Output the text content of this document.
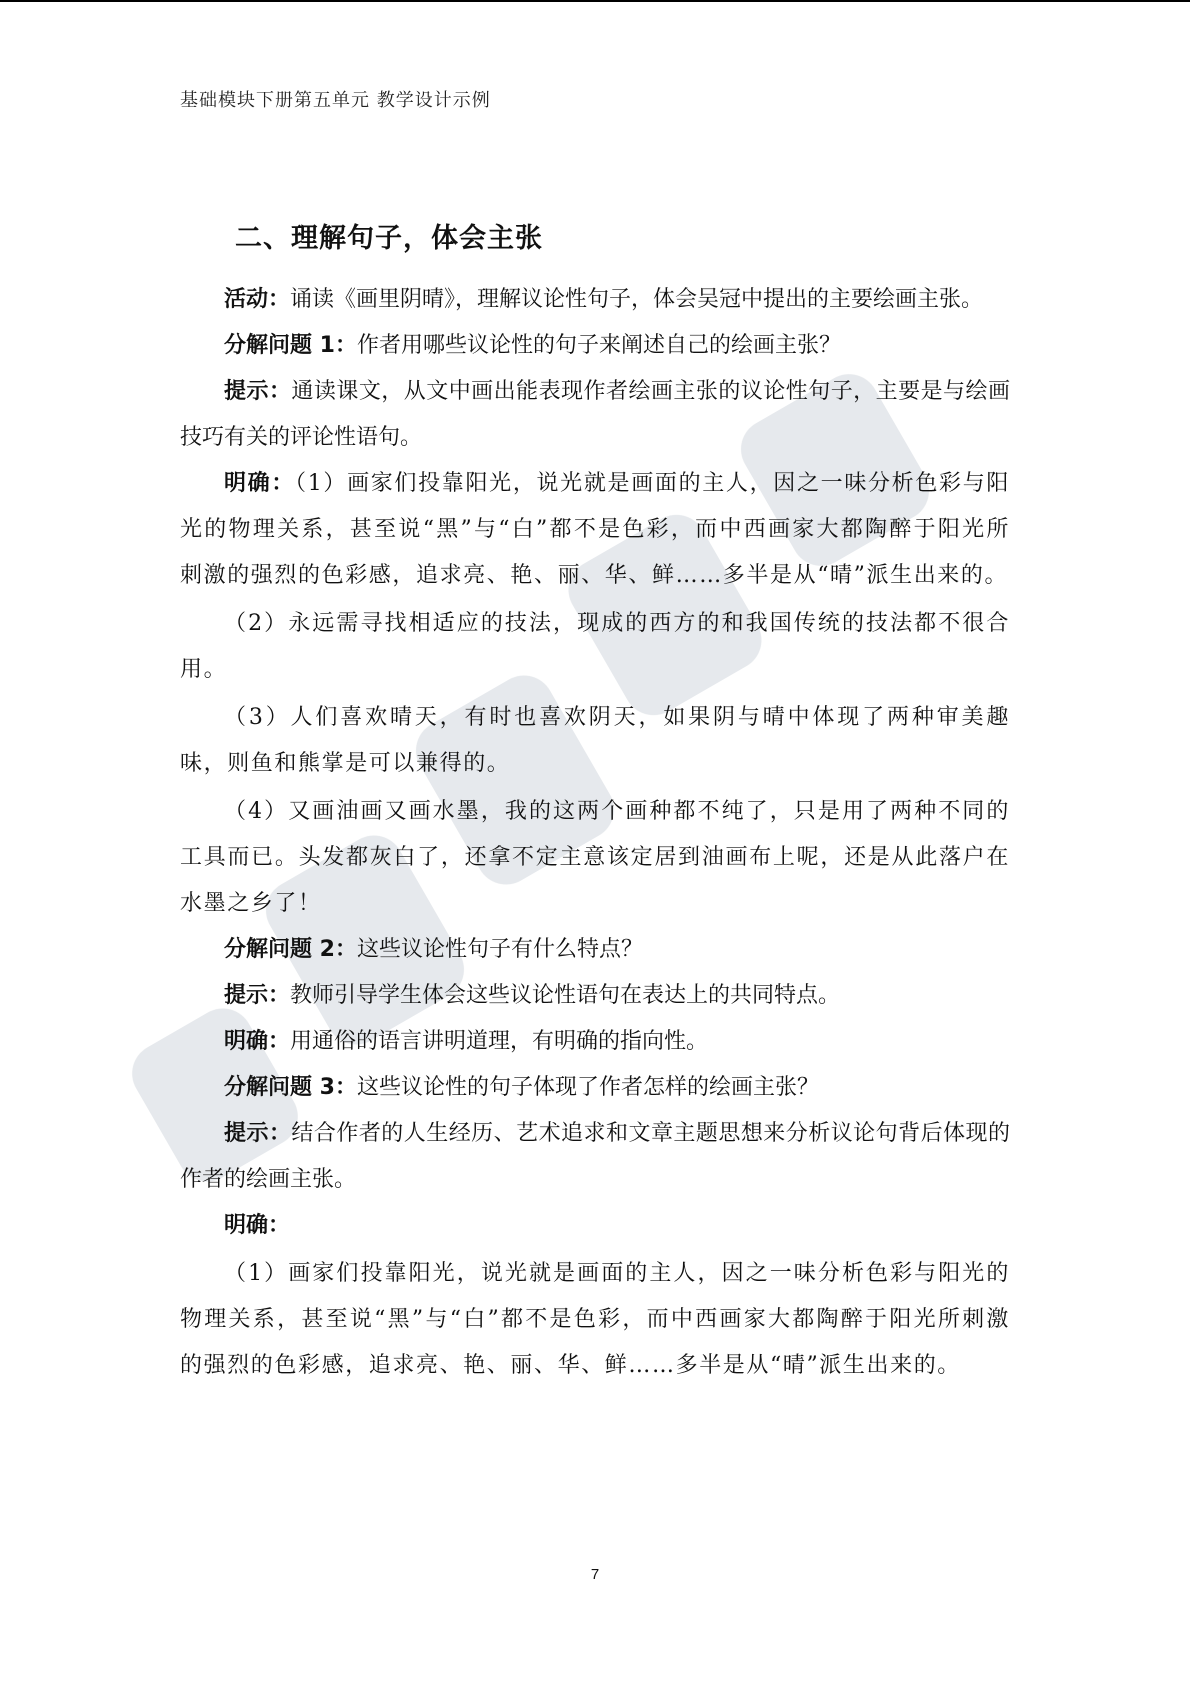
基础模块下册第五单元 教学设计示例
二、理解句子，体会主张

活动：诵读《画里阴晴》，理解议论性句子，体会吴冠中提出的主要绘画主张。

分解问题 1：作者用哪些议论性的句子来阐述自己的绘画主张？

提示：通读课文，从文中画出能表现作者绘画主张的议论性句子，主要是与绘画技巧有关的评论性语句。

明确：（1）画家们投靠阳光，说光就是画面的主人，因之一味分析色彩与阳光的物理关系，甚至说“黑”与“白”都不是色彩，而中西画家大都陶醉于阳光所刺激的强烈的色彩感，追求亮、艳、丽、华、鲜……多半是从“晴”派生出来的。

（2）永远需寻找相适应的技法，现成的西方的和我国传统的技法都不很合用。

（3）人们喜欢晴天，有时也喜欢阴天，如果阴与晴中体现了两种审美趣味，则鱼和熊掌是可以兼得的。

（4）又画油画又画水墨，我的这两个画种都不纯了，只是用了两种不同的工具而已。头发都灰白了，还拿不定主意该定居到油画布上呢，还是从此落户在水墨之乡了！

分解问题 2：这些议论性句子有什么特点？

提示：教师引导学生体会这些议论性语句在表达上的共同特点。

明确：用通俗的语言讲明道理，有明确的指向性。

分解问题 3：这些议论性的句子体现了作者怎样的绘画主张？

提示：结合作者的人生经历、艺术追求和文章主题思想来分析议论句背后体现的作者的绘画主张。

明确：

（1）画家们投靠阳光，说光就是画面的主人，因之一味分析色彩与阳光的物理关系，甚至说“黑”与“白”都不是色彩，而中西画家大都陶醉于阳光所刺激的强烈的色彩感，追求亮、艳、丽、华、鲜……多半是从“晴”派生出来的。

7
